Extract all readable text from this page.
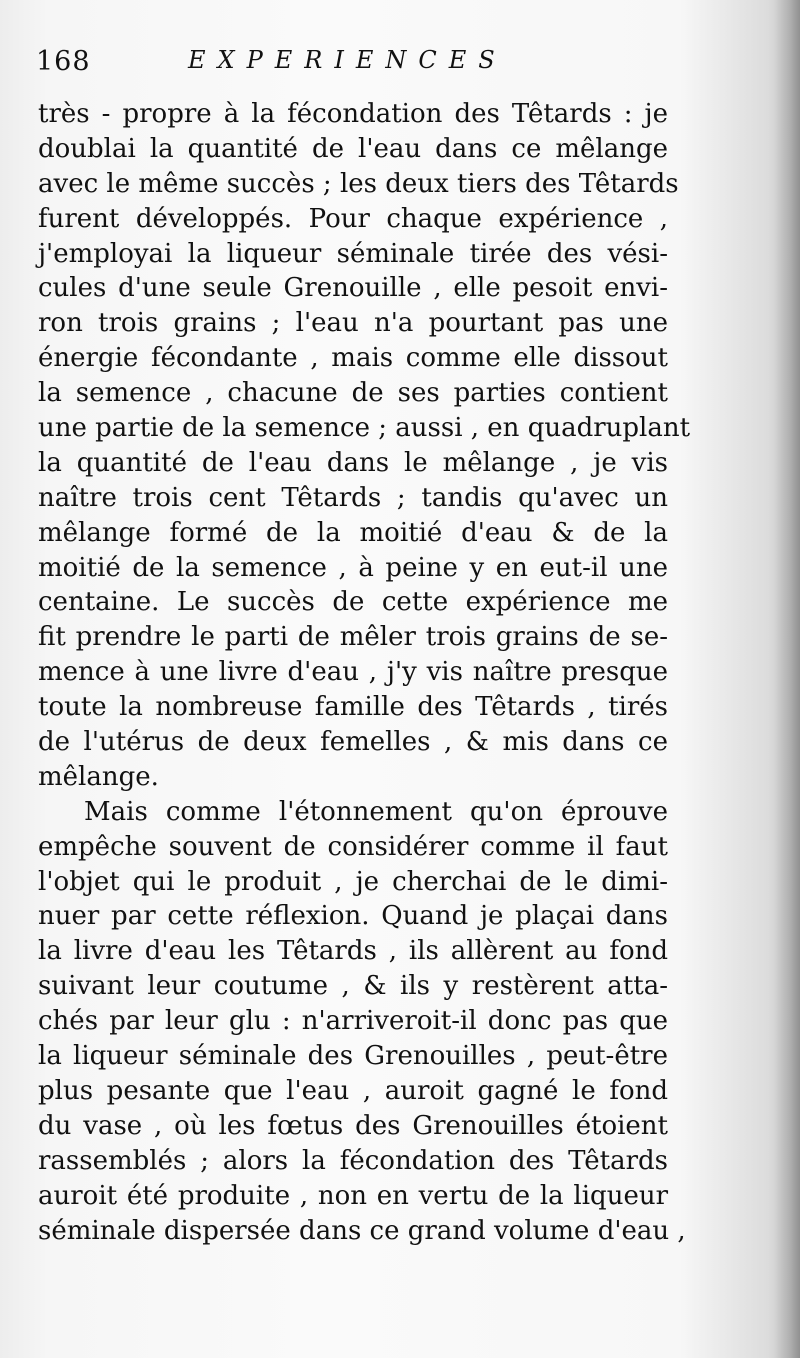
168	EXPERIENCES
très - propre à la fécondation des Têtards : je
doublai la quantité de l'eau dans ce mêlange
avec le même succès ; les deux tiers des Têtards
furent développés. Pour chaque expérience ,
j'employai la liqueur séminale tirée des vési-
cules d'une seule Grenouille , elle pesoit envi-
ron trois grains ; l'eau n'a pourtant pas une
énergie fécondante , mais comme elle dissout
la semence , chacune de ses parties contient
une partie de la semence ; aussi , en quadruplant
la quantité de l'eau dans le mêlange , je vis
naître trois cent Têtards ; tandis qu'avec un
mêlange formé de la moitié d'eau & de la
moitié de la semence , à peine y en eut-il une
centaine. Le succès de cette expérience me
fit prendre le parti de mêler trois grains de se-
mence à une livre d'eau , j'y vis naître presque
toute la nombreuse famille des Têtards , tirés
de l'utérus de deux femelles , & mis dans ce
mêlange.
Mais comme l'étonnement qu'on éprouve
empêche souvent de considérer comme il faut
l'objet qui le produit , je cherchai de le dimi-
nuer par cette réflexion. Quand je plaçai dans
la livre d'eau les Têtards , ils allèrent au fond
suivant leur coutume , & ils y restèrent atta-
chés par leur glu : n'arriveroit-il donc pas que
la liqueur séminale des Grenouilles , peut-être
plus pesante que l'eau , auroit gagné le fond
du vase , où les fœtus des Grenouilles étoient
rassemblés ; alors la fécondation des Têtards
auroit été produite , non en vertu de la liqueur
séminale dispersée dans ce grand volume d'eau ,
